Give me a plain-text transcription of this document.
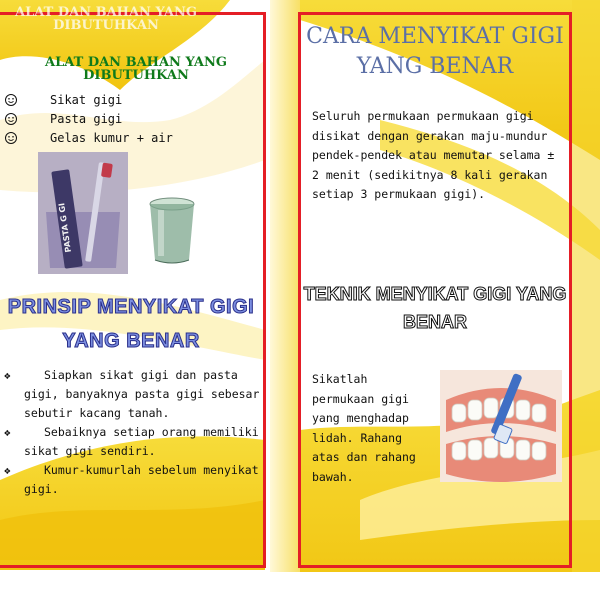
ALAT DAN BAHAN YANG DIBUTUHKAN
ALAT DAN BAHAN YANG DIBUTUHKAN
Sikat gigi
Pasta gigi
Gelas kumur + air
PASTA G GI
PRINSIP MENYIKAT GIGI YANG BENAR
❖	Siapkan sikat gigi dan pasta gigi, banyaknya pasta gigi sebesar sebutir kacang tanah.
❖	Sebaiknya setiap orang memiliki sikat gigi sendiri.
❖	Kumur-kumurlah sebelum menyikat gigi.
CARA MENYIKAT GIGI YANG BENAR
Seluruh permukaan permukaan gigi disikat dengan gerakan maju-mundur pendek-pendek atau memutar selama ± 2 menit (sedikitnya 8 kali gerakan setiap 3 permukaan gigi).
TEKNIK MENYIKAT GIGI YANG BENAR
Sikatlah permukaan gigi yang menghadap lidah. Rahang atas dan rahang bawah.
